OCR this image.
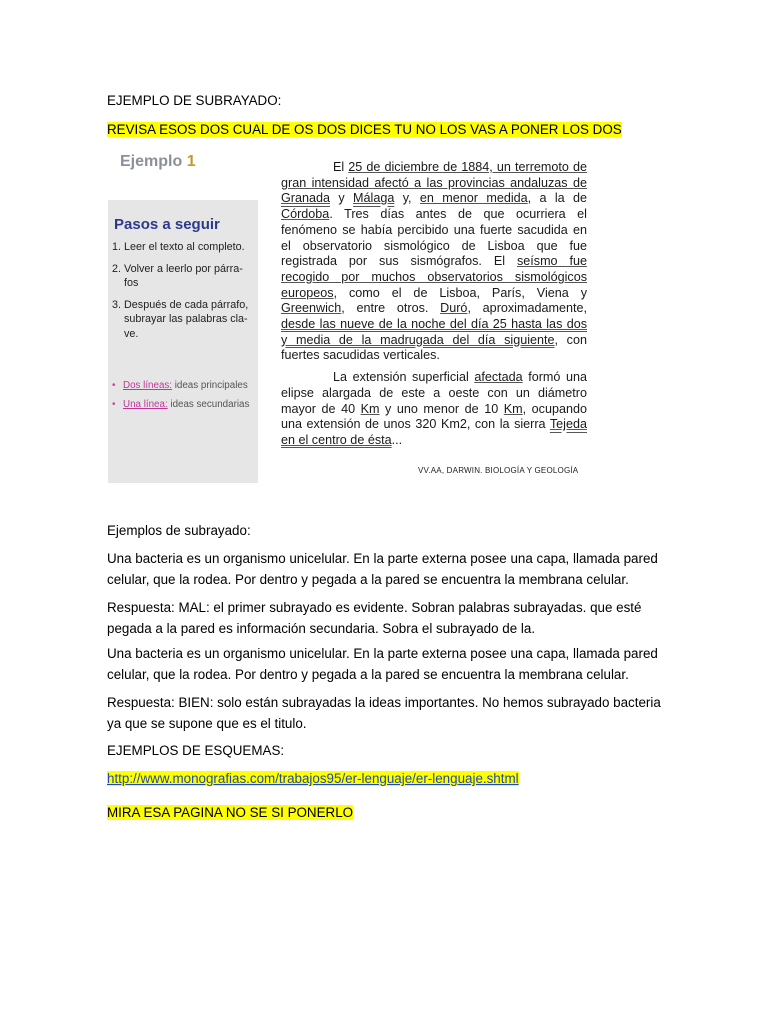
EJEMPLO DE SUBRAYADO:
REVISA ESOS DOS CUAL DE OS DOS DICES TU NO LOS VAS A PONER LOS DOS
Ejemplo 1
Pasos a seguir
1. Leer el texto al completo.
2. Volver a leerlo por párra-fos
3. Después de cada párrafo, subrayar las palabras cla-ve.
• Dos líneas: ideas principales
• Una línea: ideas secundarias

El 25 de diciembre de 1884, un terremoto de gran intensidad afectó a las provincias andaluzas de Granada y Málaga y, en menor medida, a la de Córdoba. Tres días antes de que ocurriera el fenómeno se había percibido una fuerte sacudida en el observatorio sismológico de Lisboa que fue registrada por sus sismógrafos. El seísmo fue recogido por muchos observatorios sismológicos europeos, como el de Lisboa, París, Viena y Greenwich, entre otros. Duró, aproximadamente, desde las nueve de la noche del día 25 hasta las dos y media de la madrugada del día siguiente, con fuertes sacudidas verticales.

La extensión superficial afectada formó una elipse alargada de este a oeste con un diámetro mayor de 40 Km y uno menor de 10 Km, ocupando una extensión de unos 320 Km2, con la sierra Tejeda en el centro de ésta...

VV.AA, DARWIN. BIOLOGÍA Y GEOLOGÍA
Ejemplos de subrayado:
Una bacteria es un organismo unicelular. En la parte externa posee una capa, llamada pared celular, que la rodea. Por dentro y pegada a la pared se encuentra la membrana celular.
Respuesta: MAL: el primer subrayado es evidente. Sobran palabras subrayadas. que esté pegada a la pared es información secundaria. Sobra el subrayado de la.
Una bacteria es un organismo unicelular. En la parte externa posee una capa, llamada pared celular, que la rodea. Por dentro y pegada a la pared se encuentra la membrana celular.
Respuesta: BIEN: solo están subrayadas la ideas importantes. No hemos subrayado bacteria ya que se supone que es el titulo.
EJEMPLOS DE ESQUEMAS:
http://www.monografias.com/trabajos95/er-lenguaje/er-lenguaje.shtml
MIRA ESA PAGINA NO SE SI PONERLO
